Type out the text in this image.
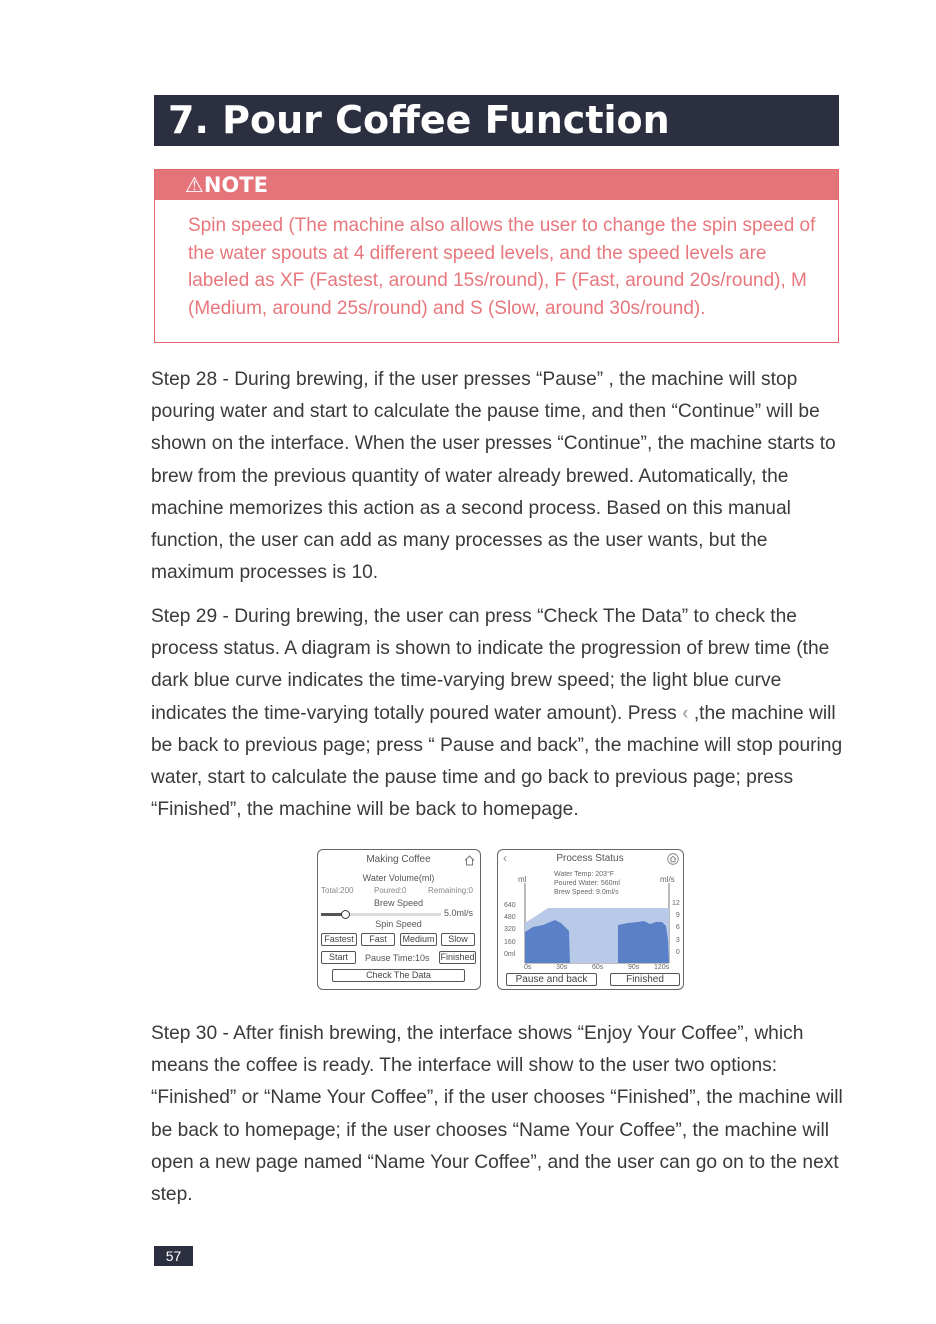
7. Pour Coffee Function
⚠NOTE
Spin speed (The machine also allows the user to change the spin speed of the water spouts at 4 different speed levels, and the speed levels are labeled as XF (Fastest, around 15s/round), F (Fast, around 20s/round), M (Medium, around 25s/round) and S (Slow, around 30s/round).

Step 28 - During brewing, if the user presses “Pause” , the machine will stop pouring water and start to calculate the pause time, and then “Continue” will be shown on the interface. When the user presses “Continue”, the machine starts to brew from the previous quantity of water already brewed. Automatically, the machine memorizes this action as a second process. Based on this manual function, the user can add as many processes as the user wants, but the maximum processes is 10.

Step 29 - During brewing, the user can press “Check The Data” to check the process status. A diagram is shown to indicate the progression of brew time (the dark blue curve indicates the time-varying brew speed; the light blue curve indicates the time-varying totally poured water amount). Press ‹ ,the machine will be back to previous page; press “ Pause and back”, the machine will stop pouring water, start to calculate the pause time and go back to previous page; press “Finished”, the machine will be back to homepage.

Making Coffee
Water Volume(ml)
Total:200	Poured:0	Remaining:0
Brew Speed
5.0ml/s
Spin Speed
Fastest	Fast	Medium	Slow
Start	Pause Time:10s Finished
Check The Data
‹	Process Status
ml	ml/s
Water Temp: 203°F
Poured Water: 560ml
Brew Speed: 9.0ml/s
640
480
320
160
0ml
12
9
6
3
0
0s	30s	60s	90s 120s
Pause and back	Finished

Step 30 - After finish brewing, the interface shows “Enjoy Your Coffee”, which means the coffee is ready. The interface will show to the user two options: “Finished” or “Name Your Coffee”, if the user chooses “Finished”, the machine will be back to homepage; if the user chooses “Name Your Coffee”, the machine will open a new page named “Name Your Coffee”, and the user can go on to the next step.

57
